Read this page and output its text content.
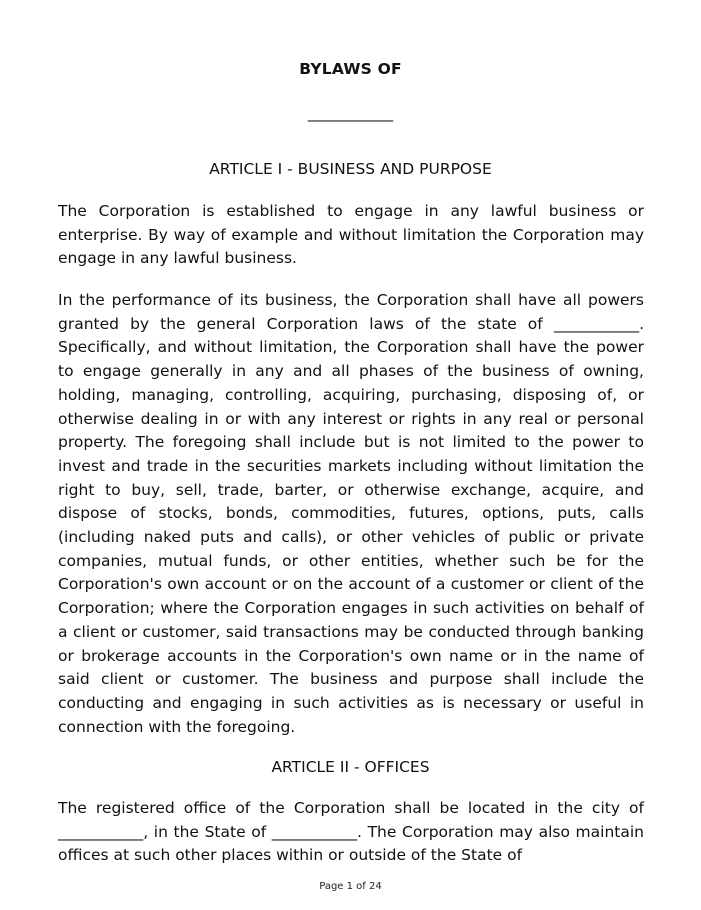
BYLAWS OF
___________
ARTICLE I - BUSINESS AND PURPOSE

The Corporation is established to engage in any lawful business or enterprise. By way of example and without limitation the Corporation may engage in any lawful business.

In the performance of its business, the Corporation shall have all powers granted by the general Corporation laws of the state of ___________. Specifically, and without limitation, the Corporation shall have the power to engage generally in any and all phases of the business of owning, holding, managing, controlling, acquiring, purchasing, disposing of, or otherwise dealing in or with any interest or rights in any real or personal property. The foregoing shall include but is not limited to the power to invest and trade in the securities markets including without limitation the right to buy, sell, trade, barter, or otherwise exchange, acquire, and dispose of stocks, bonds, commodities, futures, options, puts, calls (including naked puts and calls), or other vehicles of public or private companies, mutual funds, or other entities, whether such be for the Corporation's own account or on the account of a customer or client of the Corporation; where the Corporation engages in such activities on behalf of a client or customer, said transactions may be conducted through banking or brokerage accounts in the Corporation's own name or in the name of said client or customer. The business and purpose shall include the conducting and engaging in such activities as is necessary or useful in connection with the foregoing.

ARTICLE II - OFFICES

The registered office of the Corporation shall be located in the city of ___________, in the State of ___________. The Corporation may also maintain offices at such other places within or outside of the State of

Page 1 of 24
